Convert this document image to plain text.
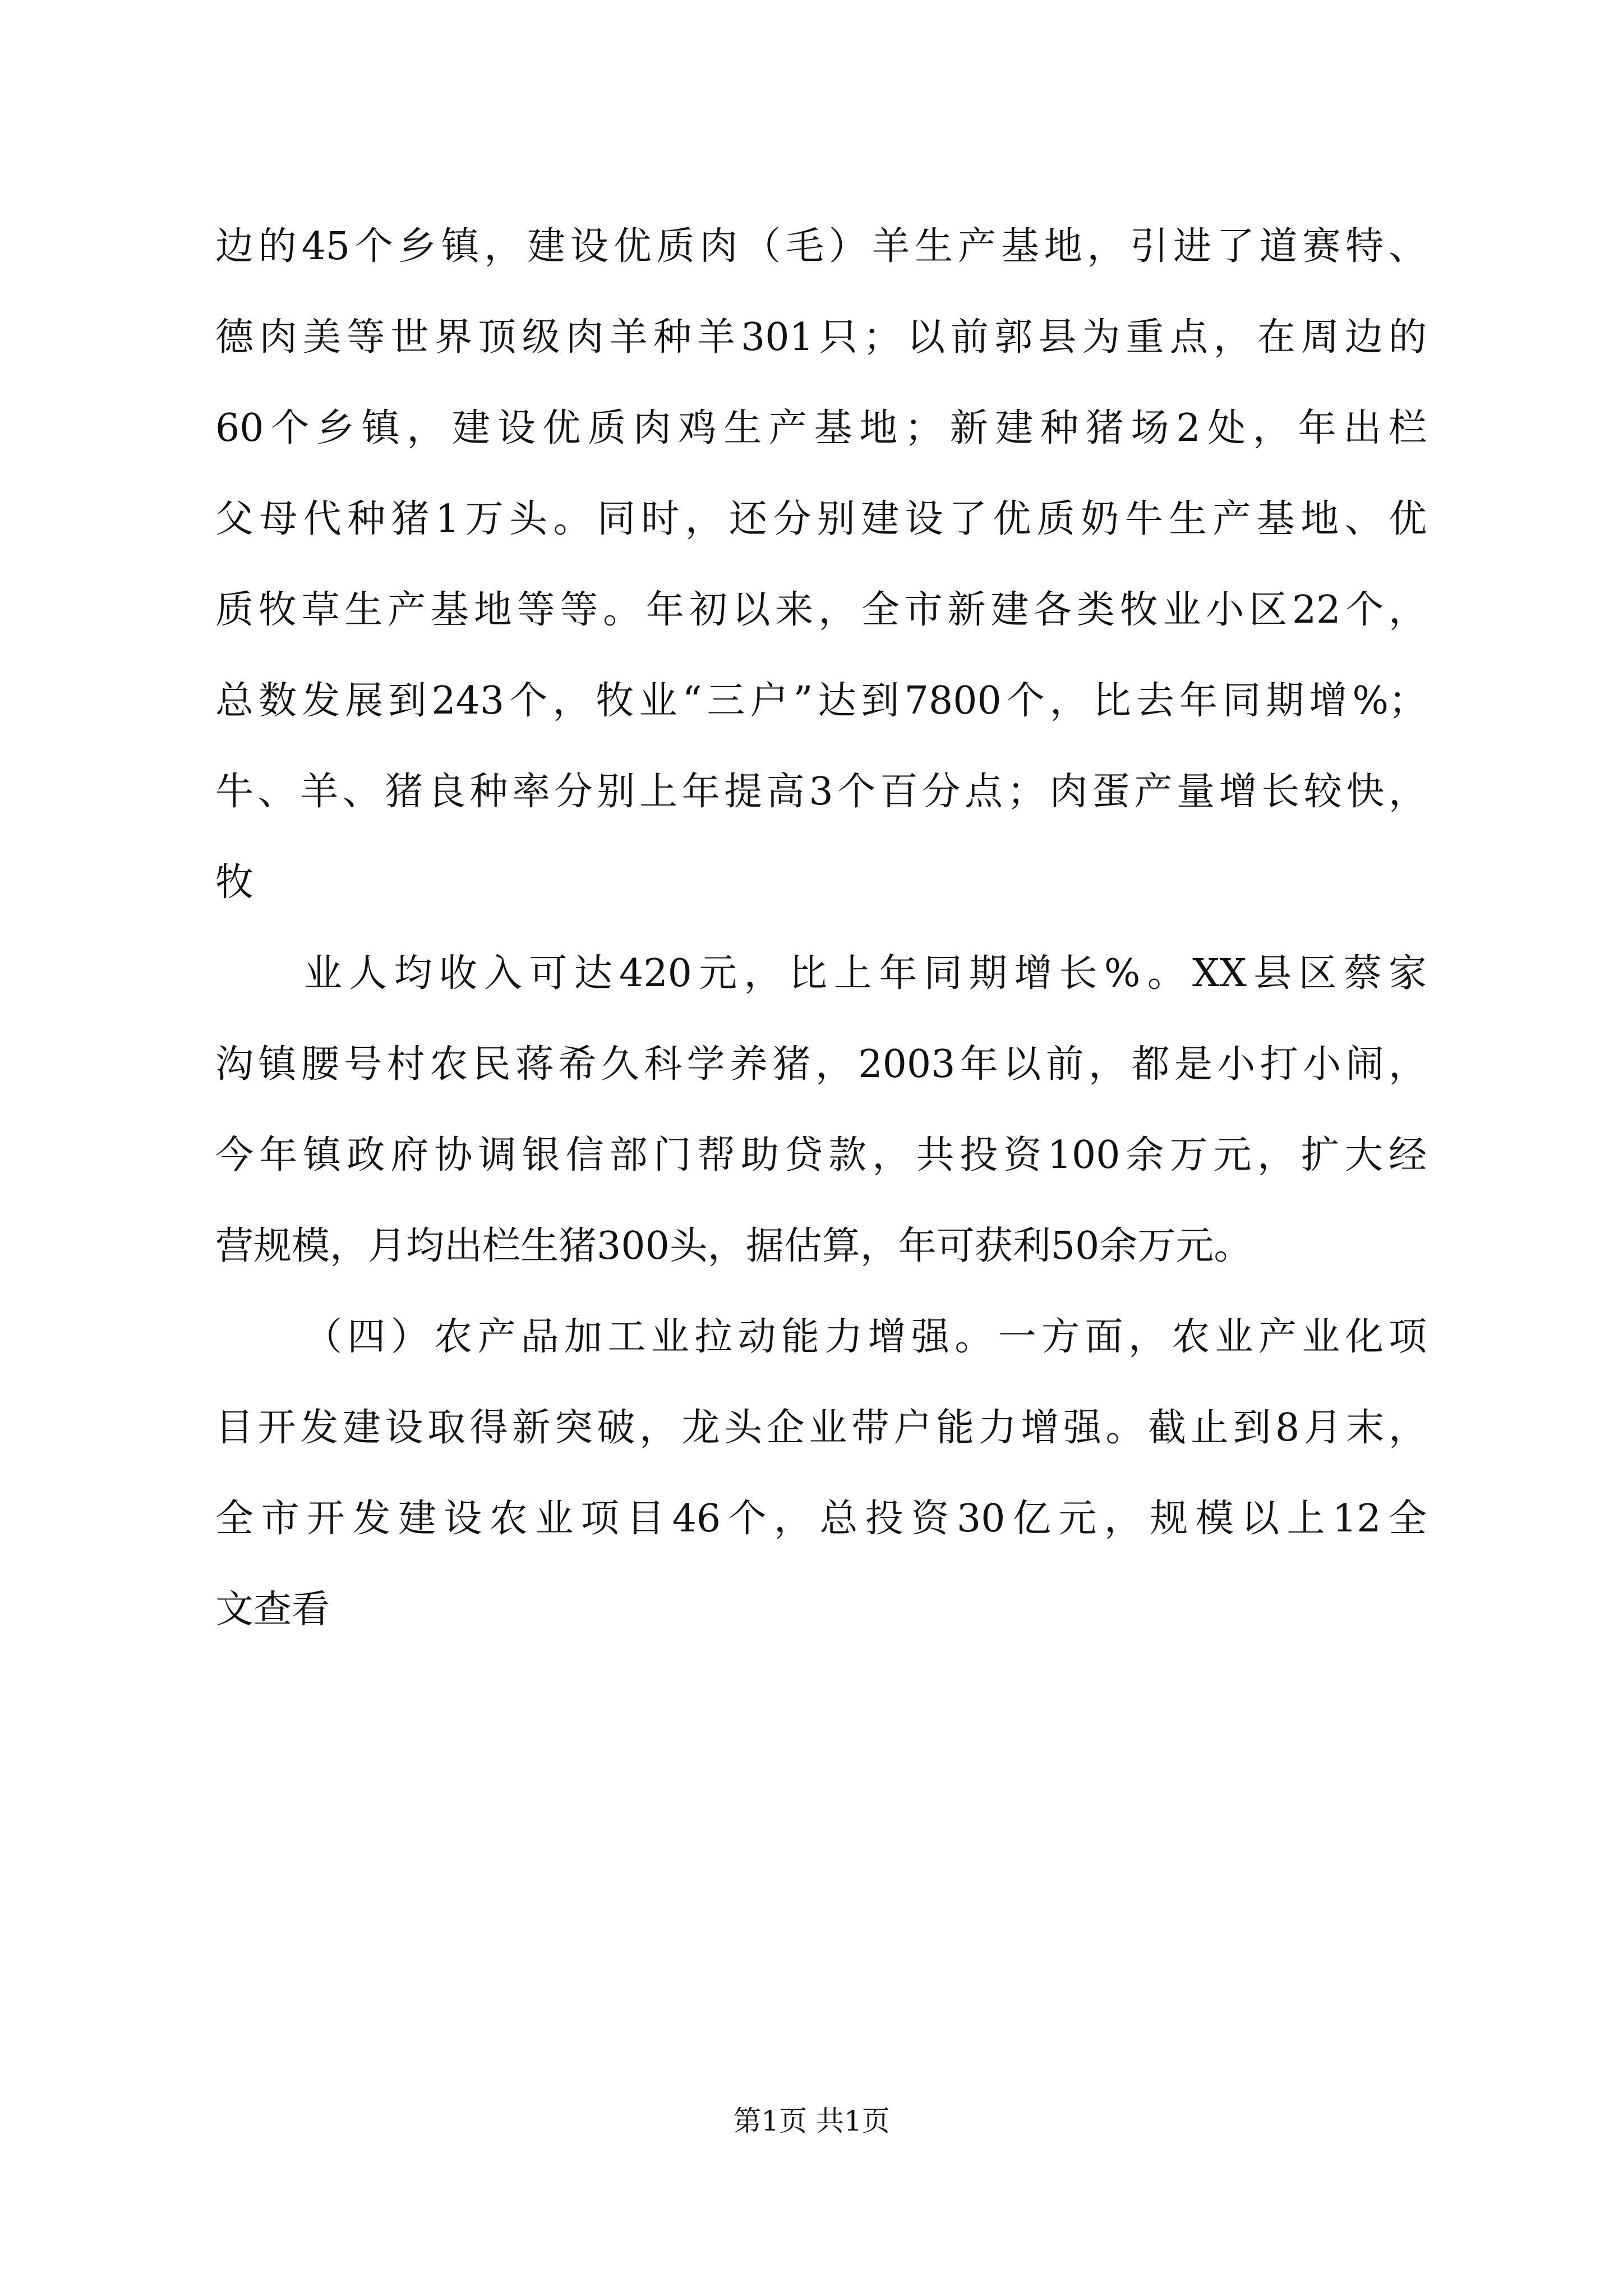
边的45个乡镇，建设优质肉（毛）羊生产基地，引进了道赛特、
德肉美等世界顶级肉羊种羊301只；以前郭县为重点，在周边的
60个乡镇，建设优质肉鸡生产基地；新建种猪场2处，年出栏
父母代种猪1万头。同时，还分别建设了优质奶牛生产基地、优
质牧草生产基地等等。年初以来，全市新建各类牧业小区22个，
总数发展到243个，牧业“三户”达到7800个，比去年同期增%；
牛、羊、猪良种率分别上年提高3个百分点；肉蛋产量增长较快，
牧
业人均收入可达420元，比上年同期增长%。XX县区蔡家
沟镇腰号村农民蒋希久科学养猪，2003年以前，都是小打小闹，
今年镇政府协调银信部门帮助贷款，共投资100余万元，扩大经
营规模，月均出栏生猪300头，据估算，年可获利50余万元。
（四）农产品加工业拉动能力增强。一方面，农业产业化项
目开发建设取得新突破，龙头企业带户能力增强。截止到8月末，
全市开发建设农业项目46个，总投资30亿元，规模以上12全
文查看
第1页 共1页
